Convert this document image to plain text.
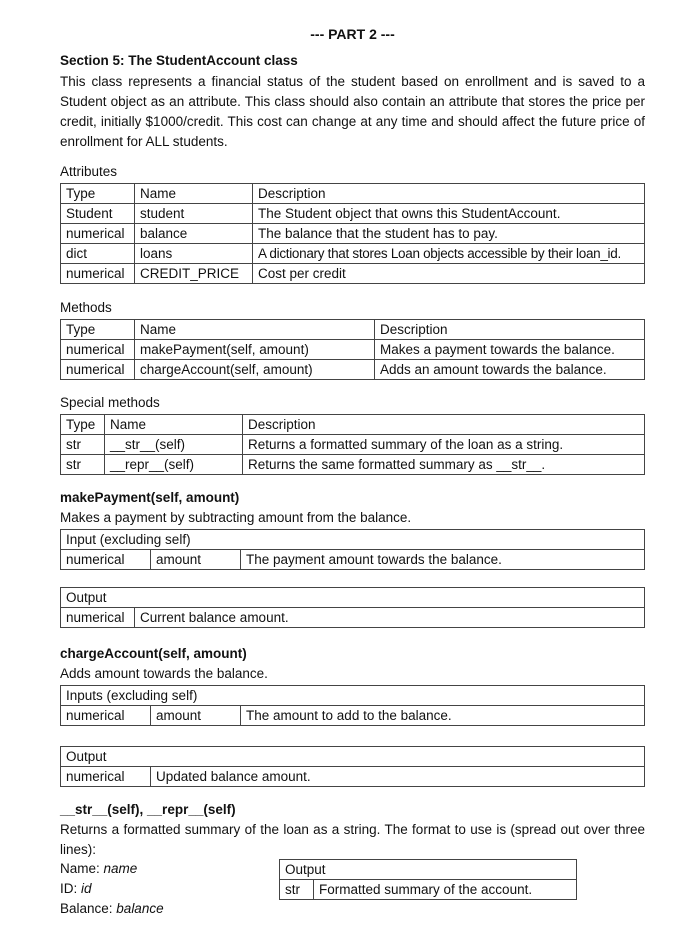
--- PART 2 ---
Section 5: The StudentAccount class
This class represents a financial status of the student based on enrollment and is saved to a Student object as an attribute. This class should also contain an attribute that stores the price per credit, initially $1000/credit. This cost can change at any time and should affect the future price of enrollment for ALL students.
Attributes
Type	Name	Description
Student	student	The Student object that owns this StudentAccount.
numerical	balance	The balance that the student has to pay.
dict	loans	A dictionary that stores Loan objects accessible by their loan_id.
numerical	CREDIT_PRICE	Cost per credit
Methods
Type	Name	Description
numerical	makePayment(self, amount)	Makes a payment towards the balance.
numerical	chargeAccount(self, amount)	Adds an amount towards the balance.
Special methods
Type	Name	Description
str	__str__(self)	Returns a formatted summary of the loan as a string.
str	__repr__(self)	Returns the same formatted summary as __str__.
makePayment(self, amount)
Makes a payment by subtracting amount from the balance.
Input (excluding self)
numerical	amount	The payment amount towards the balance.
Output
numerical	Current balance amount.
chargeAccount(self, amount)
Adds amount towards the balance.
Inputs (excluding self)
numerical	amount	The amount to add to the balance.
Output
numerical	Updated balance amount.
__str__(self), __repr__(self)
Returns a formatted summary of the loan as a string. The format to use is (spread out over three lines):
Name: name
ID: id
Balance: balance
Output
str	Formatted summary of the account.
